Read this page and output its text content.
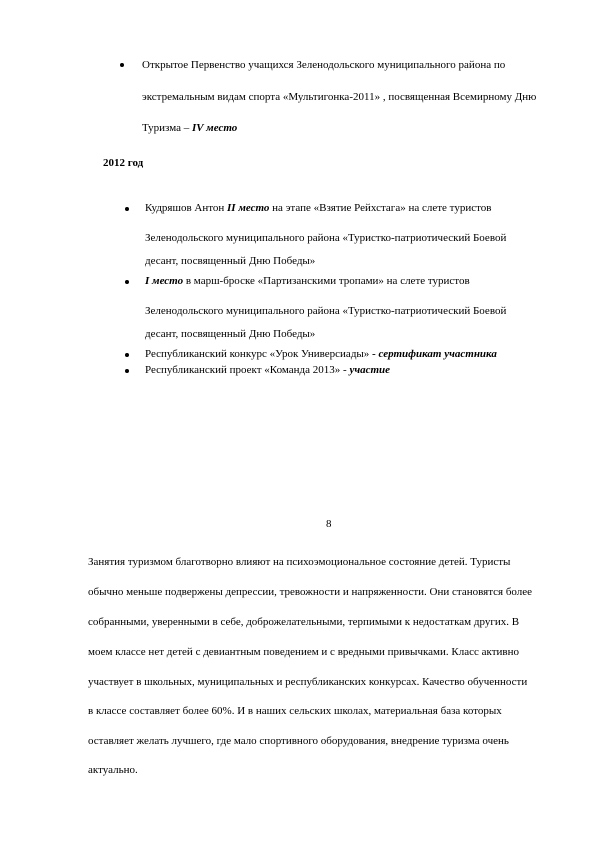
Открытое Первенство учащихся Зеленодольского муниципального района по
экстремальным видам спорта «Мультигонка-2011» , посвященная Всемирному Дню
Туризма – IV место
2012 год
Кудряшов Антон II место на этапе «Взятие Рейхстага» на слете туристов
Зеленодольского муниципального района «Туристко-патриотический Боевой
десант, посвященный Дню Победы»
I место в марш-броске «Партизанскими тропами» на слете туристов
Зеленодольского муниципального района «Туристко-патриотический Боевой
десант, посвященный Дню Победы»
Республиканский конкурс «Урок Универсиады» - сертификат участника
Республиканский проект «Команда 2013» - участие
8
Занятия туризмом благотворно влияют на психоэмоциональное состояние детей. Туристы
обычно меньше подвержены депрессии, тревожности и напряженности. Они становятся более
собранными, уверенными в себе, доброжелательными, терпимыми к недостаткам других. В
моем классе нет детей с девиантным поведением и с вредными привычками. Класс активно
участвует в школьных, муниципальных и республиканских конкурсах. Качество обученности
в классе составляет более 60%. И в наших сельских школах, материальная база которых
оставляет желать лучшего, где мало спортивного оборудования, внедрение туризма очень
актуально.
